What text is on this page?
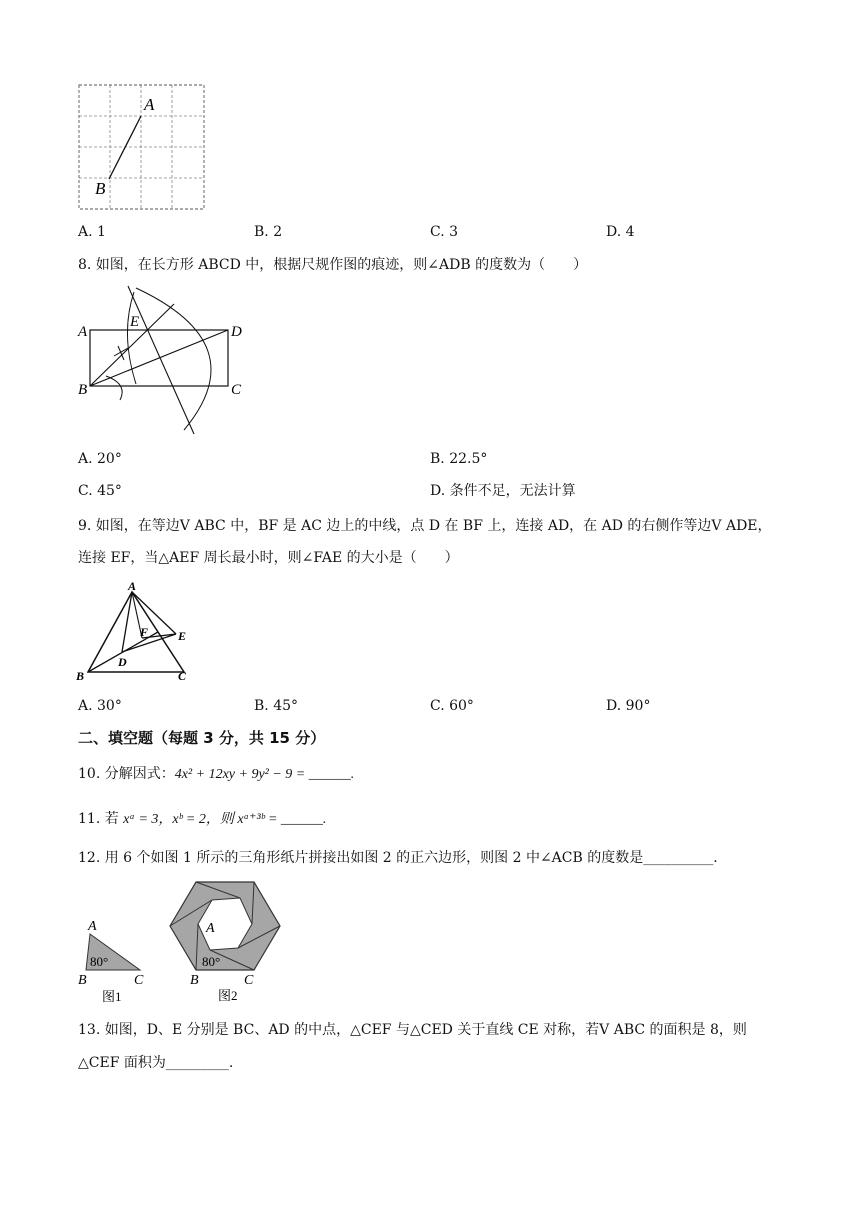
A
B
A. 1	B. 2	C. 3	D. 4
8. 如图，在长方形 ABCD 中，根据尺规作图的痕迹，则∠ADB 的度数为（　　）
A
B	C
D
E
A. 20°	B. 22.5°
C. 45°	D. 条件不足，无法计算
9. 如图，在等边V ABC 中，BF 是 AC 边上的中线，点 D 在 BF 上，连接 AD，在 AD 的右侧作等边V ADE，
连接 EF，当△AEF 周长最小时，则∠FAE 的大小是（　　）
A
B	C
D
E
F
A. 30°	B. 45°	C. 60°	D. 90°
二、填空题（每题 3 分，共 15 分）
10. 分解因式：4x² + 12xy + 9y² − 9 = ______.
11. 若 xᵃ = 3，xᵇ = 2，则 xᵃ⁺³ᵇ = ______.
12. 用 6 个如图 1 所示的三角形纸片拼接出如图 2 的正六边形，则图 2 中∠ACB 的度数是__________.
A
B	C
80°
图1
A
B	C
80°
图2
13. 如图，D、E 分别是 BC、AD 的中点，△CEF 与△CED 关于直线 CE 对称，若V ABC 的面积是 8，则
△CEF 面积为_________.
